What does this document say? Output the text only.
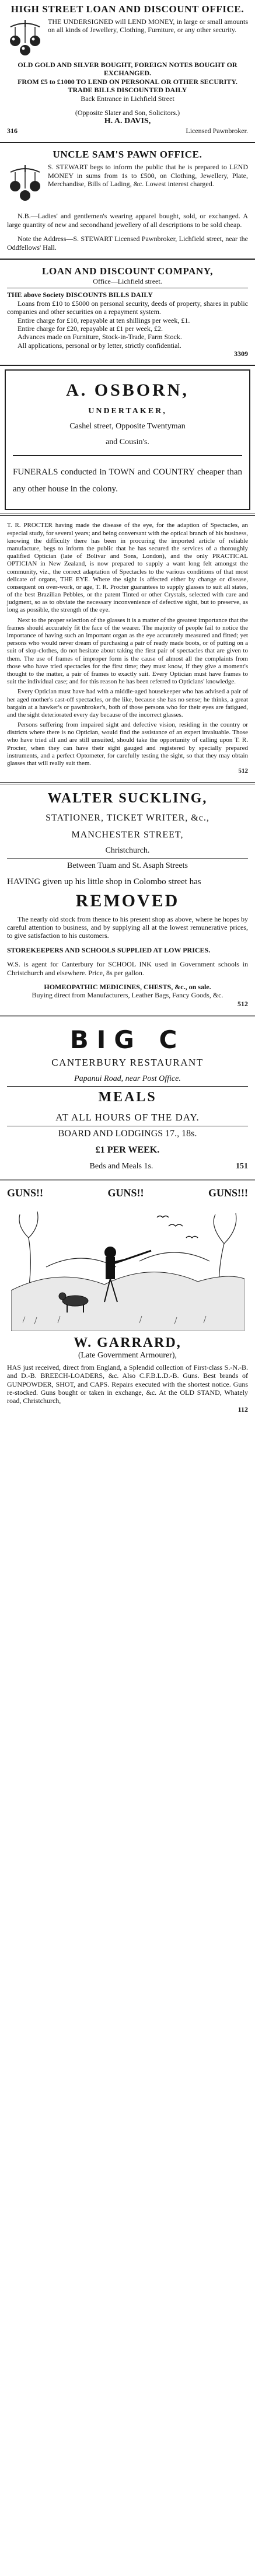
HIGH STREET LOAN AND DISCOUNT OFFICE.

THE UNDERSIGNED will LEND MONEY, in large or small amounts on all kinds of Jewellery, Clothing, Furniture, or any other security.

OLD GOLD AND SILVER BOUGHT, FOREIGN NOTES BOUGHT OR EXCHANGED.

FROM £5 to £1000 TO LEND ON PERSONAL OR OTHER SECURITY.

TRADE BILLS DISCOUNTED DAILY

Back Entrance in Lichfield Street

(Opposite Slater and Son, Solicitors.)

H. A. DAVIS,

316	Licensed Pawnbroker.
UNCLE SAM'S PAWN OFFICE.

S. STEWART begs to inform the public that he is prepared to LEND MONEY in sums from 1s to £500, on Clothing, Jewellery, Plate, Merchandise, Bills of Lading, &c. Lowest interest charged.

N.B.—Ladies' and gentlemen's wearing apparel bought, sold, or exchanged. A large quantity of new and secondhand jewellery of all descriptions to be sold cheap.

Note the Address—S. STEWART Licensed Pawnbroker, Lichfield street, near the Oddfellows' Hall.

LOAN AND DISCOUNT COMPANY,

Office—Lichfield street.

THE above Society DISCOUNTS BILLS DAILY

Loans from £10 to £5000 on personal security, deeds of property, shares in public companies and other securities on a repayment system.

Entire charge for £10, repayable at ten shillings per week, £1.

Entire charge for £20, repayable at £1 per week, £2.

Advances made on Furniture, Stock-in-Trade, Farm Stock.

All applications, personal or by letter, strictly confidential.

3309

A. OSBORN,

UNDERTAKER,

Cashel street, Opposite Twentyman

and Cousin's.

FUNERALS conducted in TOWN and COUNTRY cheaper than any other house in the colony.

T. R. PROCTER having made the disease of the eye, for the adaption of Spectacles, an especial study, for several years; and being conversant with the optical branch of his business, knowing the difficulty there has been in procuring the imported article of reliable manufacture, begs to inform the public that he has secured the services of a thoroughly qualified Optician (late of Bolivar and Sons, London), and the only PRACTICAL OPTICIAN in New Zealand, is now prepared to supply a want long felt amongst the community, viz., the correct adaptation of Spectacles to the various conditions of that most delicate of organs, THE EYE. Where the sight is affected either by change or disease, consequent on over-work, or age, T. R. Procter guarantees to supply glasses to suit all states, of the best Brazilian Pebbles, or the patent Tinted or other Crystals, selected with care and judgment, so as to obviate the necessary inconvenience of defective sight, but to preserve, as long as possible, the strength of the eye.

Next to the proper selection of the glasses it is a matter of the greatest importance that the frames should accurately fit the face of the wearer. The majority of people fail to notice the importance of having such an important organ as the eye accurately measured and fitted; yet persons who would never dream of purchasing a pair of ready made boots, or of putting on a suit of slop-clothes, do not hesitate about taking the first pair of spectacles that are given to them. The use of frames of improper form is the cause of almost all the complaints from those who have tried spectacles for the first time; they must know, if they give a moment's thought to the matter, a pair of frames to exactly suit. Every Optician must have frames to suit the individual case; and for this reason he has been referred to Opticians' knowledge.

Every Optician must have had with a middle-aged housekeeper who has advised a pair of her aged mother's cast-off spectacles, or the like, because she has no sense; he thinks, a great bargain at a hawker's or pawnbroker's, both of those persons who for their eyes are fatigued, and the sight deteriorated every day because of the incorrect glasses.

Persons suffering from impaired sight and defective vision, residing in the country or districts where there is no Optician, would find the assistance of an expert invaluable. Those who have tried all and are still unsuited, should take the opportunity of calling upon T. R. Procter, when they can have their sight gauged and registered by specially prepared instruments, and a perfect Optometer, for carefully testing the sight, so that they may obtain glasses that will really suit them.

512

WALTER SUCKLING,

STATIONER, TICKET WRITER, &c.,

MANCHESTER STREET,

Christchurch.

Between Tuam and St. Asaph Streets

HAVING given up his little shop in Colombo street has

REMOVED

The nearly old stock from thence to his present shop as above, where he hopes by careful attention to business, and by supplying all at the lowest remunerative prices, to give satisfaction to his customers.

STOREKEEPERS AND SCHOOLS SUPPLIED AT LOW PRICES.

W.S. is agent for Canterbury for SCHOOL INK used in Government schools in Christchurch and elsewhere. Price, 8s per gallon.

HOMEOPATHIC MEDICINES, CHESTS, &c., on sale.

Buying direct from Manufacturers, Leather Bags, Fancy Goods, &c.

512

BIG C

CANTERBURY RESTAURANT

Papanui Road, near Post Office.

MEALS

AT ALL HOURS OF THE DAY.

BOARD AND LODGINGS 17., 18s.

£1 PER WEEK.

Beds and Meals 1s.	151
GUNS!!	GUNS!!	GUNS!!!
W. GARRARD,

(Late Government Armourer),

HAS just received, direct from England, a Splendid collection of First-class S.-N.-B. and D.-B. BREECH-LOADERS, &c. Also C.F.B.L.D.-B. Guns. Best brands of GUNPOWDER, SHOT, and CAPS. Repairs executed with the shortest notice. Guns re-stocked. Guns bought or taken in exchange, &c. At the OLD STAND, Whately road, Christchurch,

112
